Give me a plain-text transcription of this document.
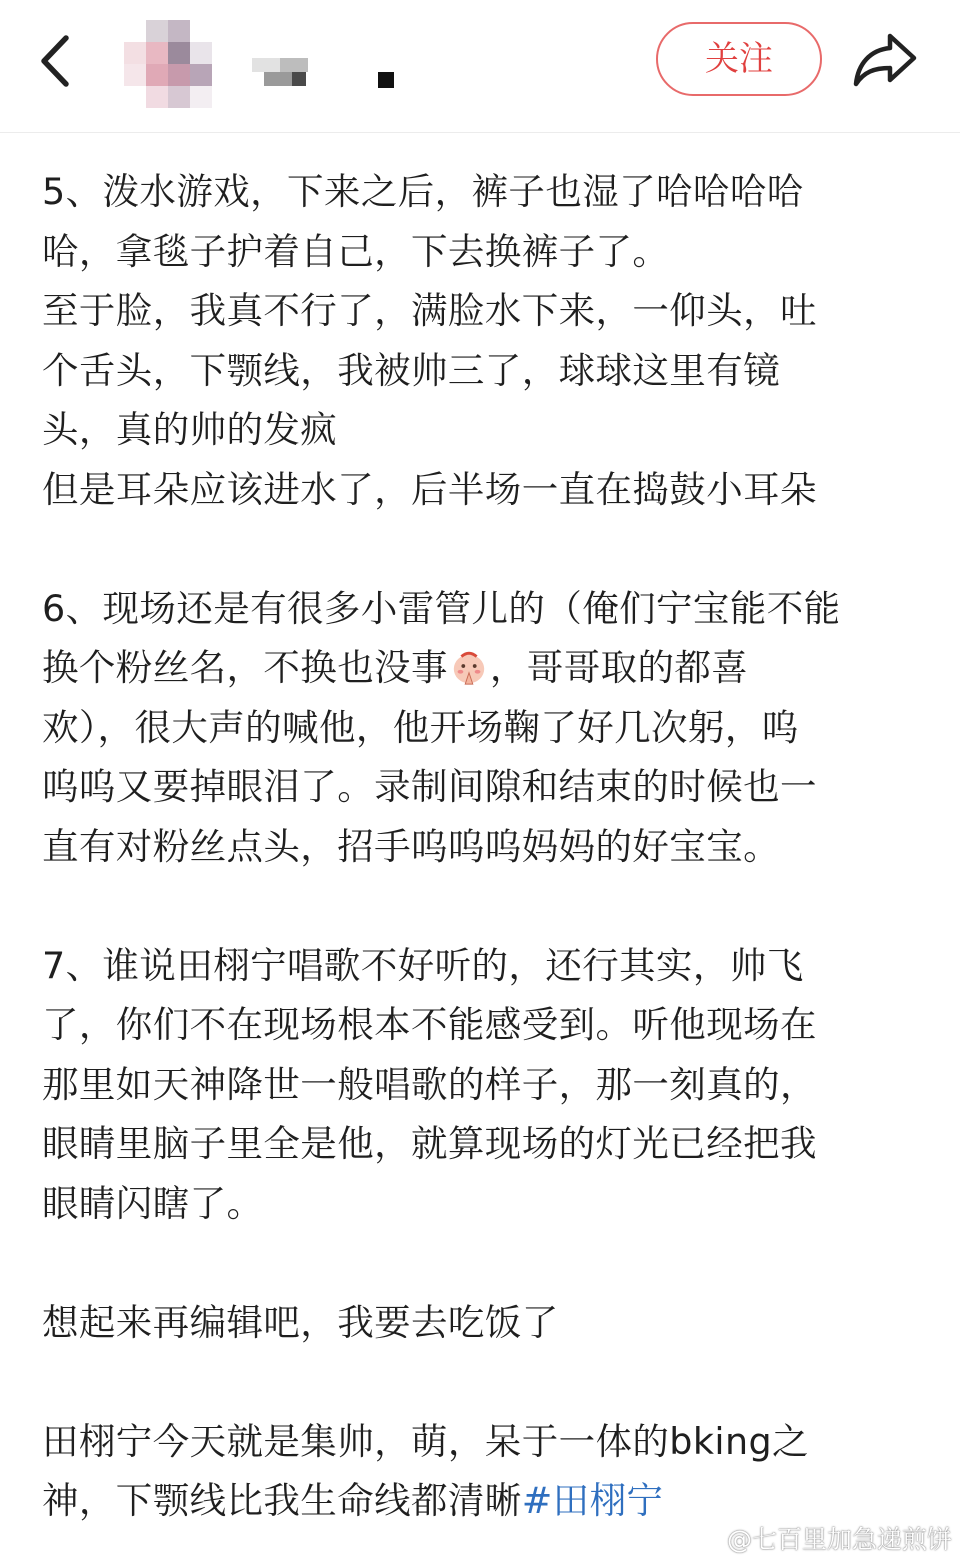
关注
5、泼水游戏，下来之后，裤子也湿了哈哈哈哈
哈，拿毯子护着自己，下去换裤子了。
至于脸，我真不行了，满脸水下来，一仰头，吐
个舌头，下颚线，我被帅三了，球球这里有镜
头，真的帅的发疯
但是耳朵应该进水了，后半场一直在捣鼓小耳朵
6、现场还是有很多小雷管儿的（俺们宁宝能不能
换个粉丝名，不换也没事 ，哥哥取的都喜
欢），很大声的喊他，他开场鞠了好几次躬，呜
呜呜又要掉眼泪了。录制间隙和结束的时候也一
直有对粉丝点头，招手呜呜呜妈妈的好宝宝。
7、谁说田栩宁唱歌不好听的，还行其实，帅飞
了，你们不在现场根本不能感受到。听他现场在
那里如天神降世一般唱歌的样子，那一刻真的，
眼睛里脑子里全是他，就算现场的灯光已经把我
眼睛闪瞎了。
想起来再编辑吧，我要去吃饭了
田栩宁今天就是集帅，萌，呆于一体的bking之
神，下颚线比我生命线都清晰#田栩宁
@七百里加急递煎饼
